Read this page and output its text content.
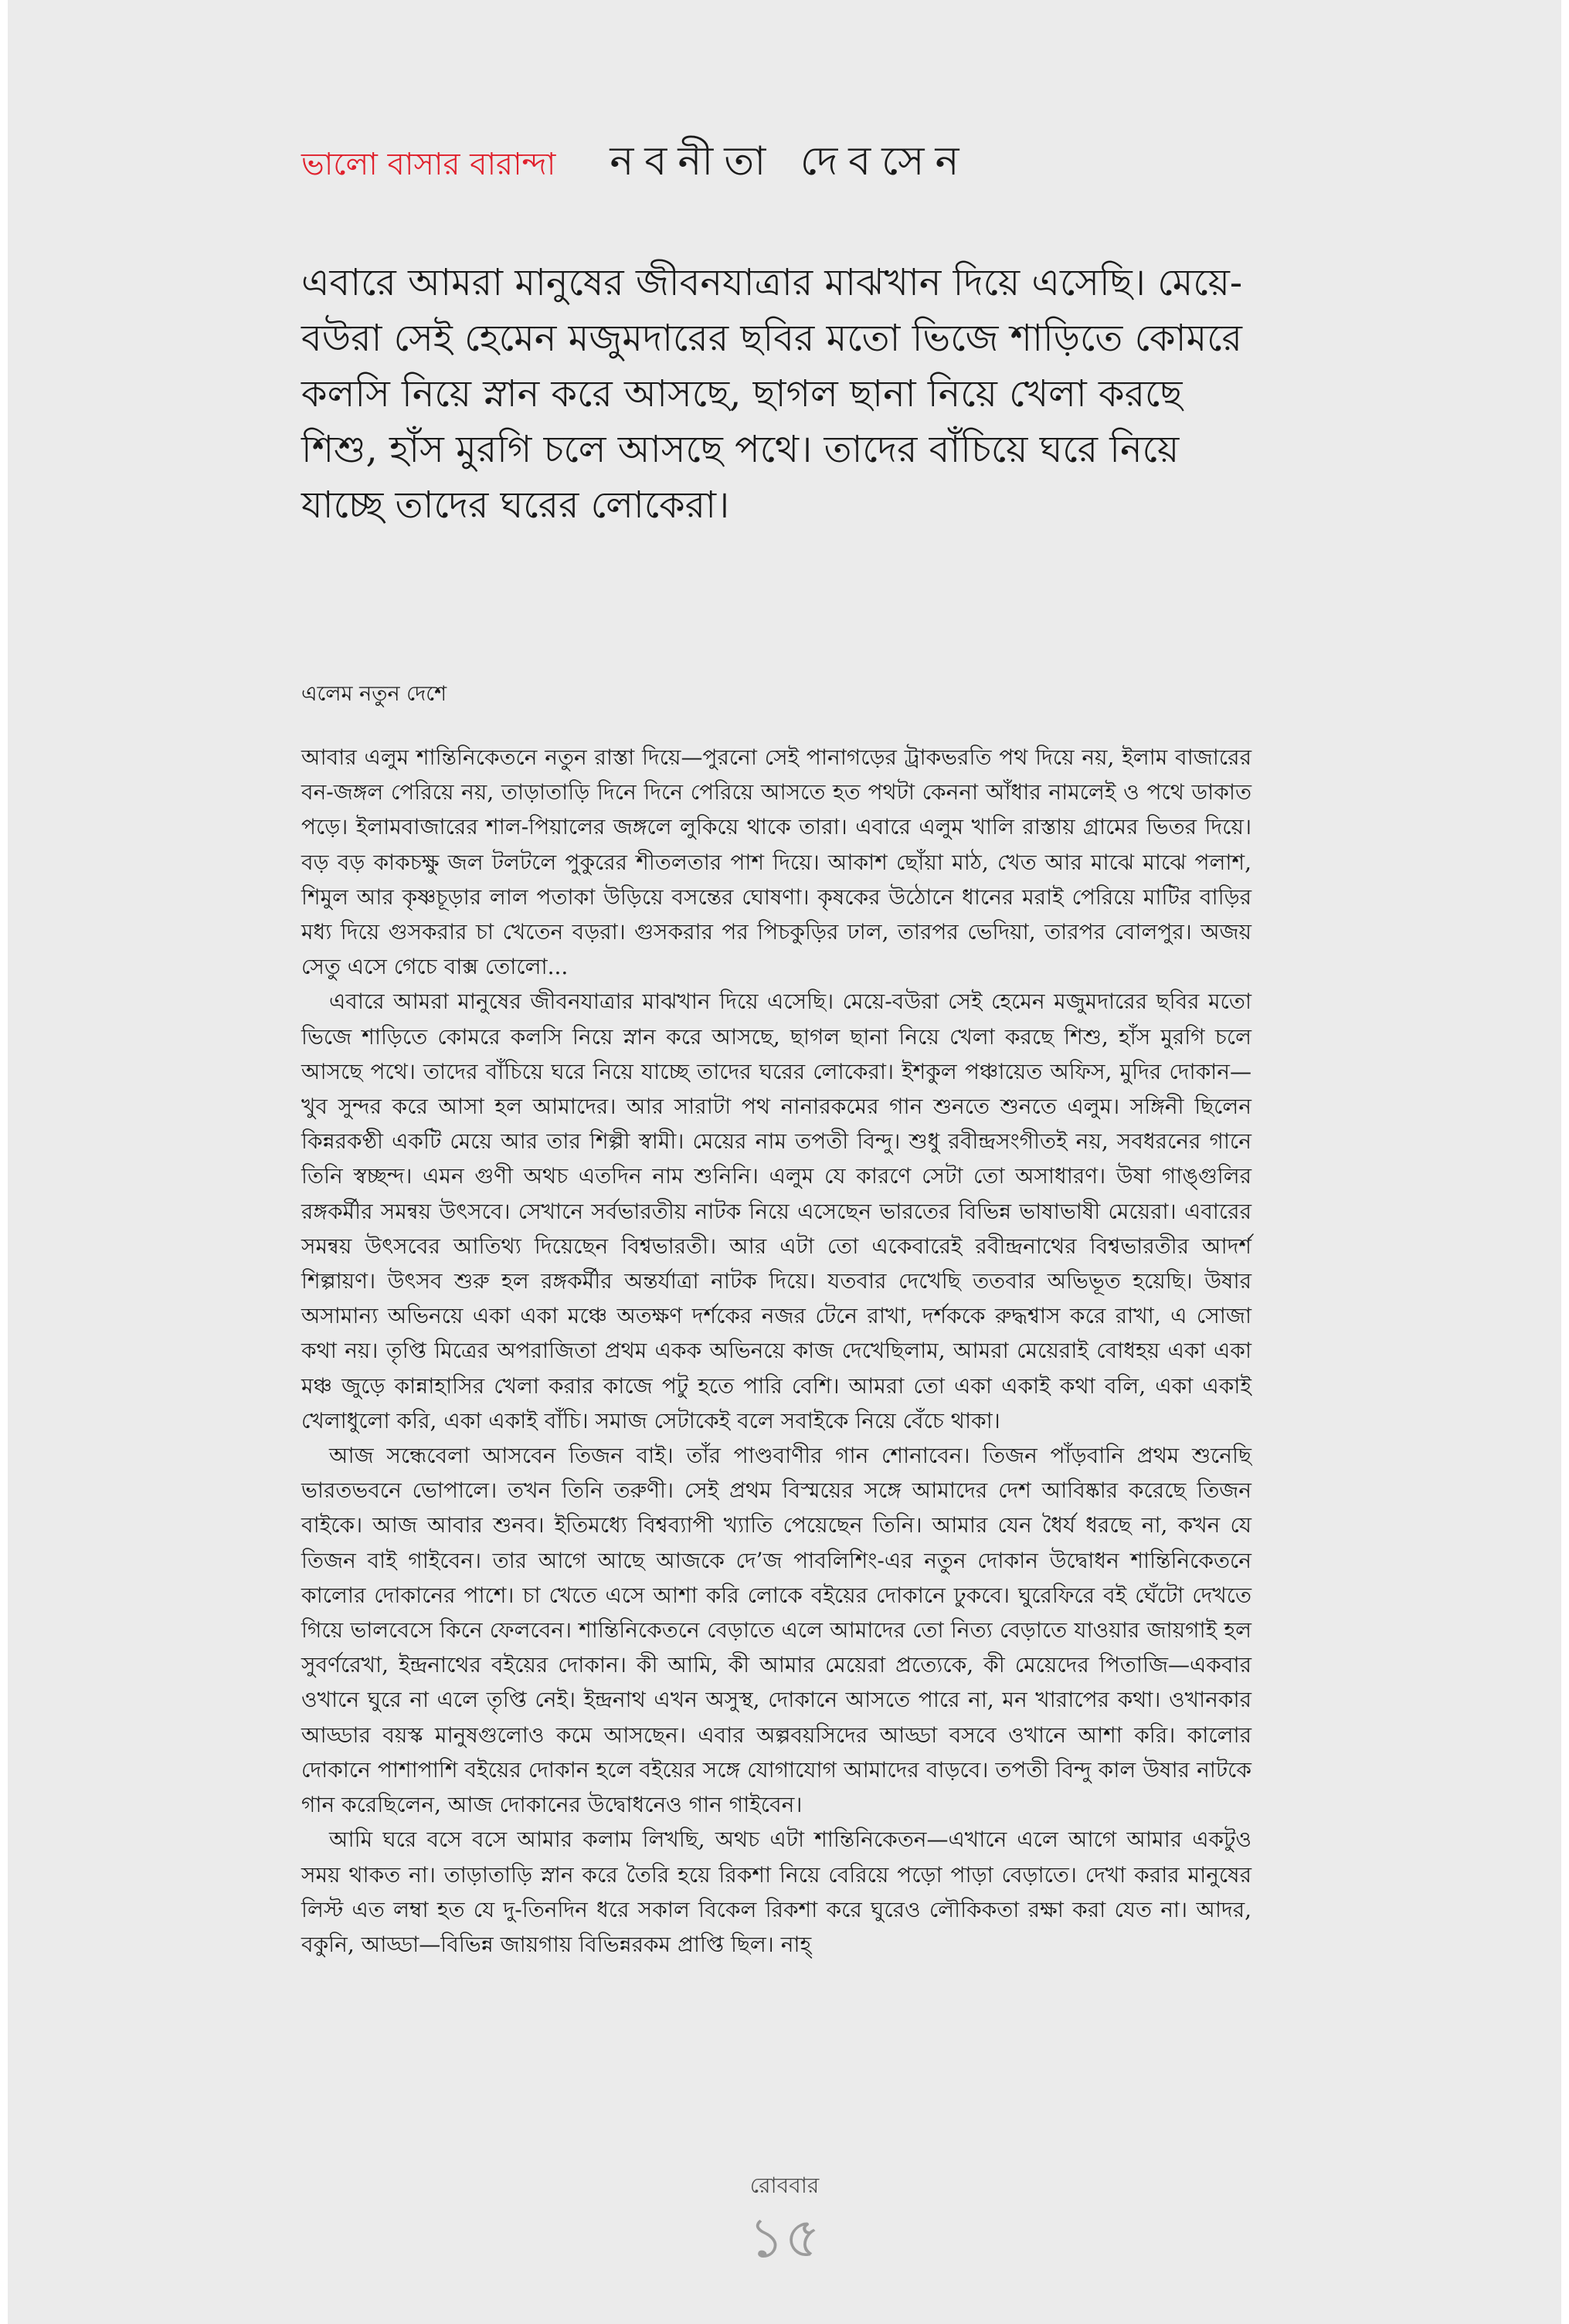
ভালো বাসার বারান্দা নবনীতা দেবসেন
এবারে আমরা মানুষের জীবনযাত্রার মাঝখান দিয়ে এসেছি। মেয়ে-বউরা সেই হেমেন মজুমদারের ছবির মতো ভিজে শাড়িতে কোমরে কলসি নিয়ে স্নান করে আসছে, ছাগল ছানা নিয়ে খেলা করছে শিশু, হাঁস মুরগি চলে আসছে পথে। তাদের বাঁচিয়ে ঘরে নিয়ে যাচ্ছে তাদের ঘরের লোকেরা।
এলেম নতুন দেশে

আবার এলুম শান্তিনিকেতনে নতুন রাস্তা দিয়ে—পুরনো সেই পানাগড়ের ট্রাকভরতি পথ দিয়ে নয়, ইলাম বাজারের বন-জঙ্গল পেরিয়ে নয়, তাড়াতাড়ি দিনে দিনে পেরিয়ে আসতে হত পথটা কেননা আঁধার নামলেই ও পথে ডাকাত পড়ে। ইলামবাজারের শাল-পিয়ালের জঙ্গলে লুকিয়ে থাকে তারা। এবারে এলুম খালি রাস্তায় গ্রামের ভিতর দিয়ে। বড় বড় কাকচক্ষু জল টলটলে পুকুরের শীতলতার পাশ দিয়ে। আকাশ ছোঁয়া মাঠ, খেত আর মাঝে মাঝে পলাশ, শিমুল আর কৃষ্ণচূড়ার লাল পতাকা উড়িয়ে বসন্তের ঘোষণা। কৃষকের উঠোনে ধানের মরাই পেরিয়ে মাটির বাড়ির মধ্য দিয়ে গুসকরার চা খেতেন বড়রা। গুসকরার পর পিচকুড়ির ঢাল, তারপর ভেদিয়া, তারপর বোলপুর। অজয় সেতু এসে গেচে বাক্স তোলো...

এবারে আমরা মানুষের জীবনযাত্রার মাঝখান দিয়ে এসেছি। মেয়ে-বউরা সেই হেমেন মজুমদারের ছবির মতো ভিজে শাড়িতে কোমরে কলসি নিয়ে স্নান করে আসছে, ছাগল ছানা নিয়ে খেলা করছে শিশু, হাঁস মুরগি চলে আসছে পথে। তাদের বাঁচিয়ে ঘরে নিয়ে যাচ্ছে তাদের ঘরের লোকেরা। ইশকুল পঞ্চায়েত অফিস, মুদির দোকান—খুব সুন্দর করে আসা হল আমাদের। আর সারাটা পথ নানারকমের গান শুনতে শুনতে এলুম। সঙ্গিনী ছিলেন কিন্নরকণ্ঠী একটি মেয়ে আর তার শিল্পী স্বামী। মেয়ের নাম তপতী বিন্দু। শুধু রবীন্দ্রসংগীতই নয়, সবধরনের গানে তিনি স্বচ্ছন্দ। এমন গুণী অথচ এতদিন নাম শুনিনি। এলুম যে কারণে সেটা তো অসাধারণ। উষা গাঙ্গুলির রঙ্গকর্মীর সমন্বয় উৎসবে। সেখানে সর্বভারতীয় নাটক নিয়ে এসেছেন ভারতের বিভিন্ন ভাষাভাষী মেয়েরা। এবারের সমন্বয় উৎসবের আতিথ্য দিয়েছেন বিশ্বভারতী। আর এটা তো একেবারেই রবীন্দ্রনাথের বিশ্বভারতীর আদর্শ শিল্পায়ণ। উৎসব শুরু হল রঙ্গকর্মীর অন্তর্যাত্রা নাটক দিয়ে। যতবার দেখেছি ততবার অভিভূত হয়েছি। উষার অসামান্য অভিনয়ে একা একা মঞ্চে অতক্ষণ দর্শকের নজর টেনে রাখা, দর্শককে রুদ্ধশ্বাস করে রাখা, এ সোজা কথা নয়। তৃপ্তি মিত্রের অপরাজিতা প্রথম একক অভিনয়ে কাজ দেখেছিলাম, আমরা মেয়েরাই বোধহয় একা একা মঞ্চ জুড়ে কান্নাহাসির খেলা করার কাজে পটু হতে পারি বেশি। আমরা তো একা একাই কথা বলি, একা একাই খেলাধুলো করি, একা একাই বাঁচি। সমাজ সেটাকেই বলে সবাইকে নিয়ে বেঁচে থাকা।

আজ সন্ধেবেলা আসবেন তিজন বাই। তাঁর পাণ্ডবাণীর গান শোনাবেন। তিজন পাঁড়বানি প্রথম শুনেছি ভারতভবনে ভোপালে। তখন তিনি তরুণী। সেই প্রথম বিস্ময়ের সঙ্গে আমাদের দেশ আবিষ্কার করেছে তিজন বাইকে। আজ আবার শুনব। ইতিমধ্যে বিশ্বব্যাপী খ্যাতি পেয়েছেন তিনি। আমার যেন ধৈর্য ধরছে না, কখন যে তিজন বাই গাইবেন। তার আগে আছে আজকে দে’জ পাবলিশিং-এর নতুন দোকান উদ্বোধন শান্তিনিকেতনে কালোর দোকানের পাশে। চা খেতে এসে আশা করি লোকে বইয়ের দোকানে ঢুকবে। ঘুরেফিরে বই ঘেঁটো দেখতে গিয়ে ভালবেসে কিনে ফেলবেন। শান্তিনিকেতনে বেড়াতে এলে আমাদের তো নিত্য বেড়াতে যাওয়ার জায়গাই হল সুবর্ণরেখা, ইন্দ্রনাথের বইয়ের দোকান। কী আমি, কী আমার মেয়েরা প্রত্যেকে, কী মেয়েদের পিতাজি—একবার ওখানে ঘুরে না এলে তৃপ্তি নেই। ইন্দ্রনাথ এখন অসুস্থ, দোকানে আসতে পারে না, মন খারাপের কথা। ওখানকার আড্ডার বয়স্ক মানুষগুলোও কমে আসছেন। এবার অল্পবয়সিদের আড্ডা বসবে ওখানে আশা করি। কালোর দোকানে পাশাপাশি বইয়ের দোকান হলে বইয়ের সঙ্গে যোগাযোগ আমাদের বাড়বে। তপতী বিন্দু কাল উষার নাটকে গান করেছিলেন, আজ দোকানের উদ্বোধনেও গান গাইবেন।

আমি ঘরে বসে বসে আমার কলাম লিখছি, অথচ এটা শান্তিনিকেতন—এখানে এলে আগে আমার একটুও সময় থাকত না। তাড়াতাড়ি স্নান করে তৈরি হয়ে রিকশা নিয়ে বেরিয়ে পড়ো পাড়া বেড়াতে। দেখা করার মানুষের লিস্ট এত লম্বা হত যে দু-তিনদিন ধরে সকাল বিকেল রিকশা করে ঘুরেও লৌকিকতা রক্ষা করা যেত না। আদর, বকুনি, আড্ডা—বিভিন্ন জায়গায় বিভিন্নরকম প্রাপ্তি ছিল। নাহ্

রোববার
১৫
